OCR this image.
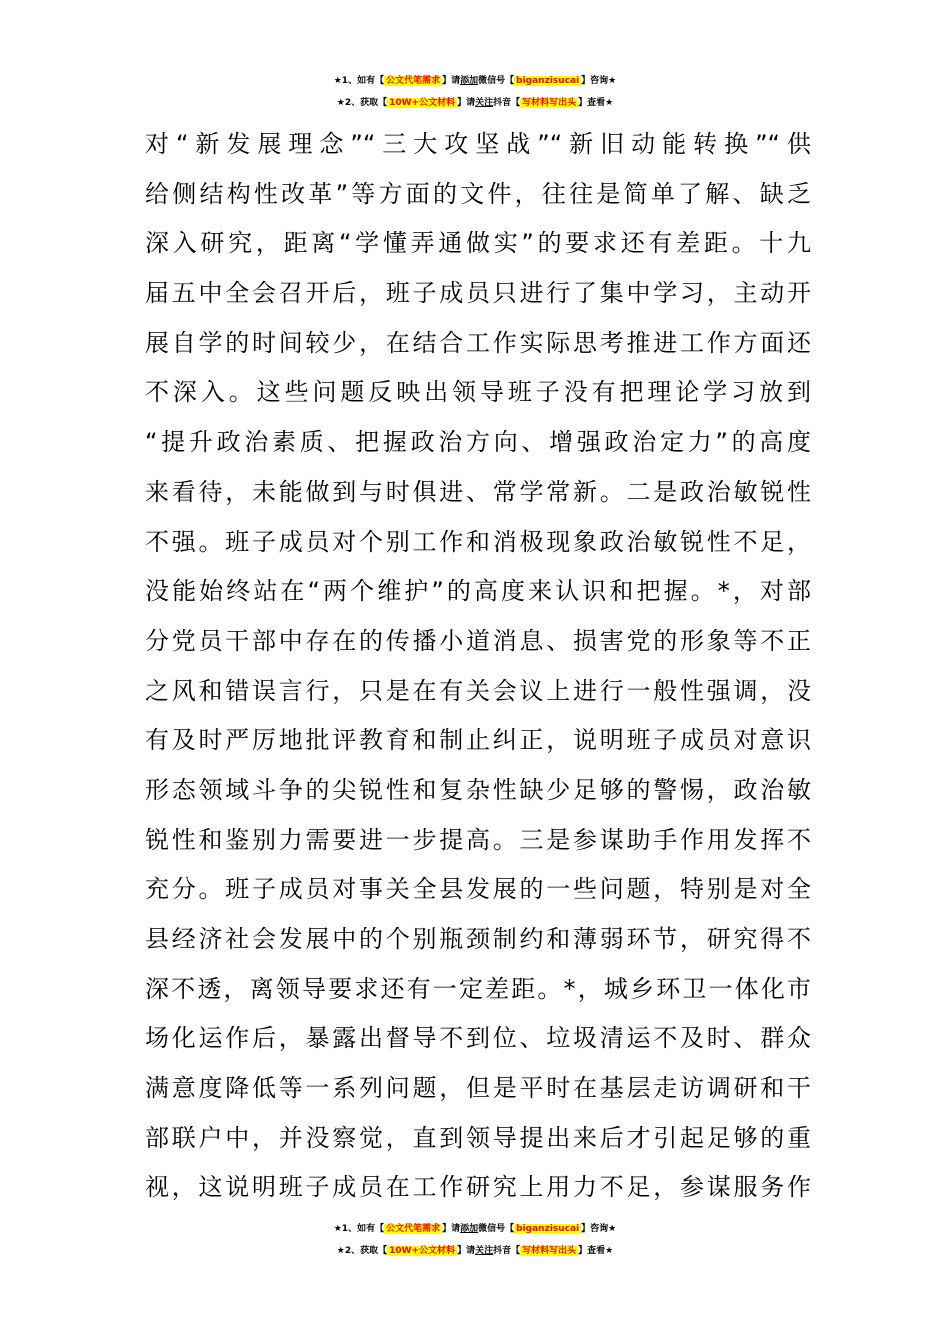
★1、如有【 公文代笔需求 】请添加微信号【 biganzisucai 】咨询★
★2、获取【 10W+公文材料 】请关注抖音【 写材料写出头 】查看★
对“新发展理念”“三大攻坚战”“新旧动能转换”“供
给侧结构性改革”等方面的文件，往往是简单了解、缺乏
深入研究，距离“学懂弄通做实”的要求还有差距。十九
届五中全会召开后，班子成员只进行了集中学习，主动开
展自学的时间较少，在结合工作实际思考推进工作方面还
不深入。这些问题反映出领导班子没有把理论学习放到
“提升政治素质、把握政治方向、增强政治定力”的高度
来看待，未能做到与时俱进、常学常新。二是政治敏锐性
不强。班子成员对个别工作和消极现象政治敏锐性不足，
没能始终站在“两个维护”的高度来认识和把握。*，对部
分党员干部中存在的传播小道消息、损害党的形象等不正
之风和错误言行，只是在有关会议上进行一般性强调，没
有及时严厉地批评教育和制止纠正，说明班子成员对意识
形态领域斗争的尖锐性和复杂性缺少足够的警惕，政治敏
锐性和鉴别力需要进一步提高。三是参谋助手作用发挥不
充分。班子成员对事关全县发展的一些问题，特别是对全
县经济社会发展中的个别瓶颈制约和薄弱环节，研究得不
深不透，离领导要求还有一定差距。*，城乡环卫一体化市
场化运作后，暴露出督导不到位、垃圾清运不及时、群众
满意度降低等一系列问题，但是平时在基层走访调研和干
部联户中，并没察觉，直到领导提出来后才引起足够的重
视，这说明班子成员在工作研究上用力不足，参谋服务作
★1、如有【 公文代笔需求 】请添加微信号【 biganzisucai 】咨询★
★2、获取【 10W+公文材料 】请关注抖音【 写材料写出头 】查看★
